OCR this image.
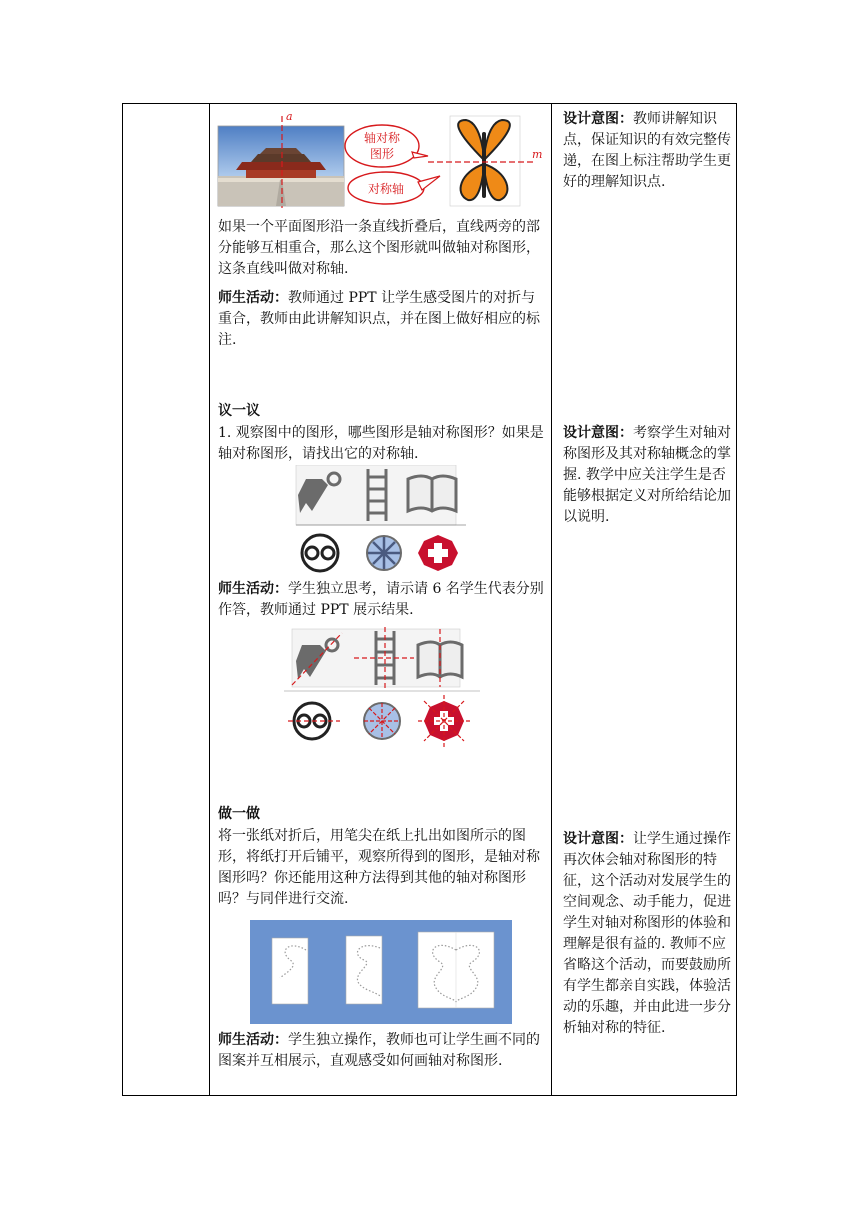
a
轴对称
图形
对称轴
m
如果一个平面图形沿一条直线折叠后，直线两旁的部分能够互相重合，那么这个图形就叫做轴对称图形，这条直线叫做对称轴.
师生活动：教师通过 PPT 让学生感受图片的对折与重合，教师由此讲解知识点，并在图上做好相应的标注.
设计意图：教师讲解知识点，保证知识的有效完整传递，在图上标注帮助学生更好的理解知识点.
议一议
1. 观察图中的图形，哪些图形是轴对称图形？如果是轴对称图形，请找出它的对称轴.
设计意图：考察学生对轴对称图形及其对称轴概念的掌握. 教学中应关注学生是否能够根据定义对所给结论加以说明.
师生活动：学生独立思考，请示请 6 名学生代表分别作答，教师通过 PPT 展示结果.
做一做
将一张纸对折后，用笔尖在纸上扎出如图所示的图形，将纸打开后铺平，观察所得到的图形，是轴对称图形吗？你还能用这种方法得到其他的轴对称图形吗？与同伴进行交流.
设计意图：让学生通过操作再次体会轴对称图形的特征，这个活动对发展学生的空间观念、动手能力，促进学生对轴对称图形的体验和理解是很有益的. 教师不应省略这个活动，而要鼓励所有学生都亲自实践，体验活动的乐趣，并由此进一步分析轴对称的特征.
师生活动：学生独立操作，教师也可让学生画不同的图案并互相展示，直观感受如何画轴对称图形.
